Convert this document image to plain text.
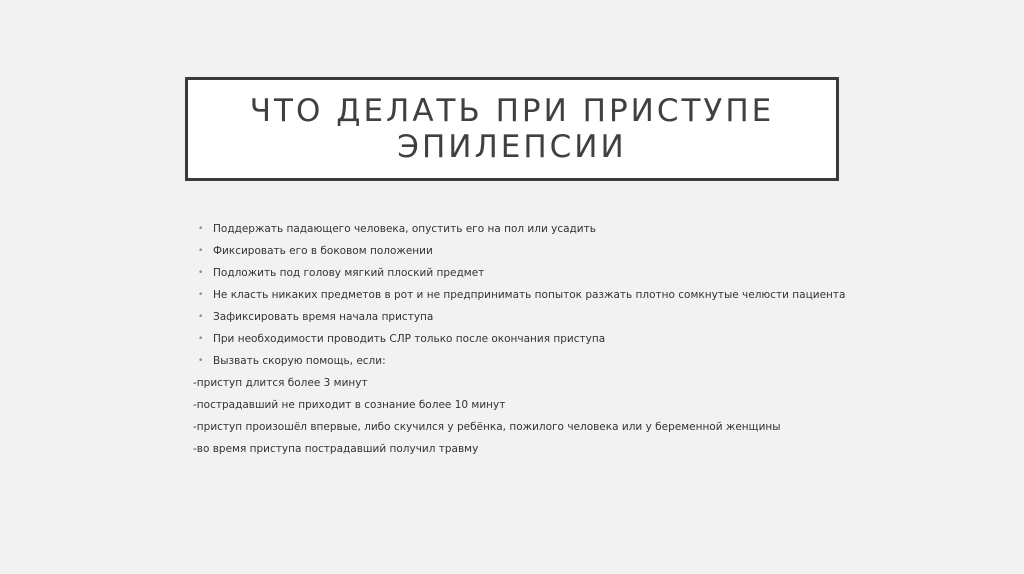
ЧТО ДЕЛАТЬ ПРИ ПРИСТУПЕ ЭПИЛЕПСИИ
• Поддержать падающего человека, опустить его на пол или усадить
• Фиксировать его в боковом положении
• Подложить под голову мягкий плоский предмет
• Не класть никаких предметов в рот и не предпринимать попыток разжать плотно сомкнутые челюсти пациента
• Зафиксировать время начала приступа
• При необходимости проводить СЛР только после окончания приступа
• Вызвать скорую помощь, если:
-приступ длится более 3 минут
-пострадавший не приходит в сознание более 10 минут
-приступ произошёл впервые, либо скучился у ребёнка, пожилого человека или у беременной женщины
-во время приступа пострадавший получил травму
